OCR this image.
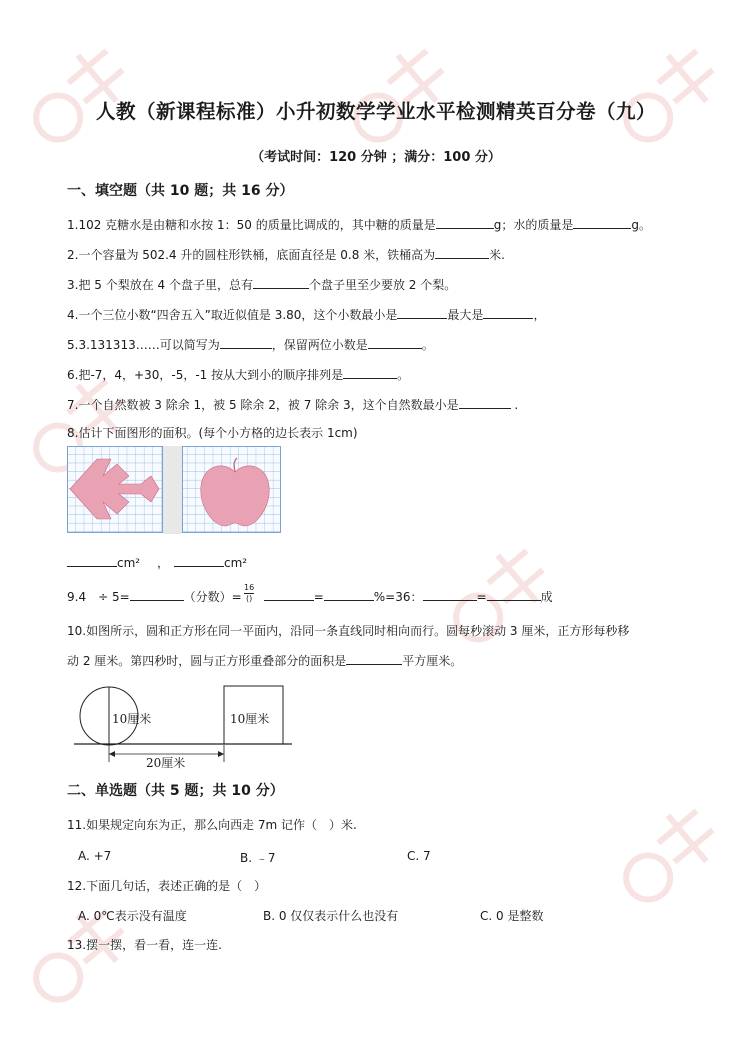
人教（新课程标准）小升初数学学业水平检测精英百分卷（九）
（考试时间：120 分钟 ；满分：100 分）
一、填空题（共 10 题；共 16 分）
1.102 克糖水是由糖和水按 1：50 的质量比调成的，其中糖的质量是	g；水的质量是	g。
2.一个容量为 502.4 升的圆柱形铁桶，底面直径是 0.8 米，铁桶高为	米.
3.把 5 个梨放在 4 个盘子里，总有	个盘子里至少要放 2 个梨。
4.一个三位小数“四舍五入”取近似值是 3.80，这个小数最小是	最大是	，
5.3.131313……可以简写为	，保留两位小数是	。
6.把-7，4，+30，-5，-1 按从大到小的顺序排列是	。
7.一个自然数被 3 除余 1，被 5 除余 2，被 7 除余 3，这个自然数最小是	.
8.估计下面图形的面积。(每个小方格的边长表示 1cm)
cm² ，	cm²
9.4　÷ 5=	（分数）=	=	%=36：	=	成
16
()
10.如图所示，圆和正方形在同一平面内，沿同一条直线同时相向而行。圆每秒滚动 3 厘米，正方形每秒移
动 2 厘米。第四秒时，圆与正方形重叠部分的面积是	平方厘米。
10厘米	10厘米
20厘米
二、单选题（共 5 题；共 10 分）
11.如果规定向东为正，那么向西走 7m 记作（　）米.
A. +7	B. ﹣7	C. 7
12.下面几句话，表述正确的是（　）
A. 0℃表示没有温度	B. 0 仅仅表示什么也没有	C. 0 是整数
13.摆一摆，看一看，连一连.
